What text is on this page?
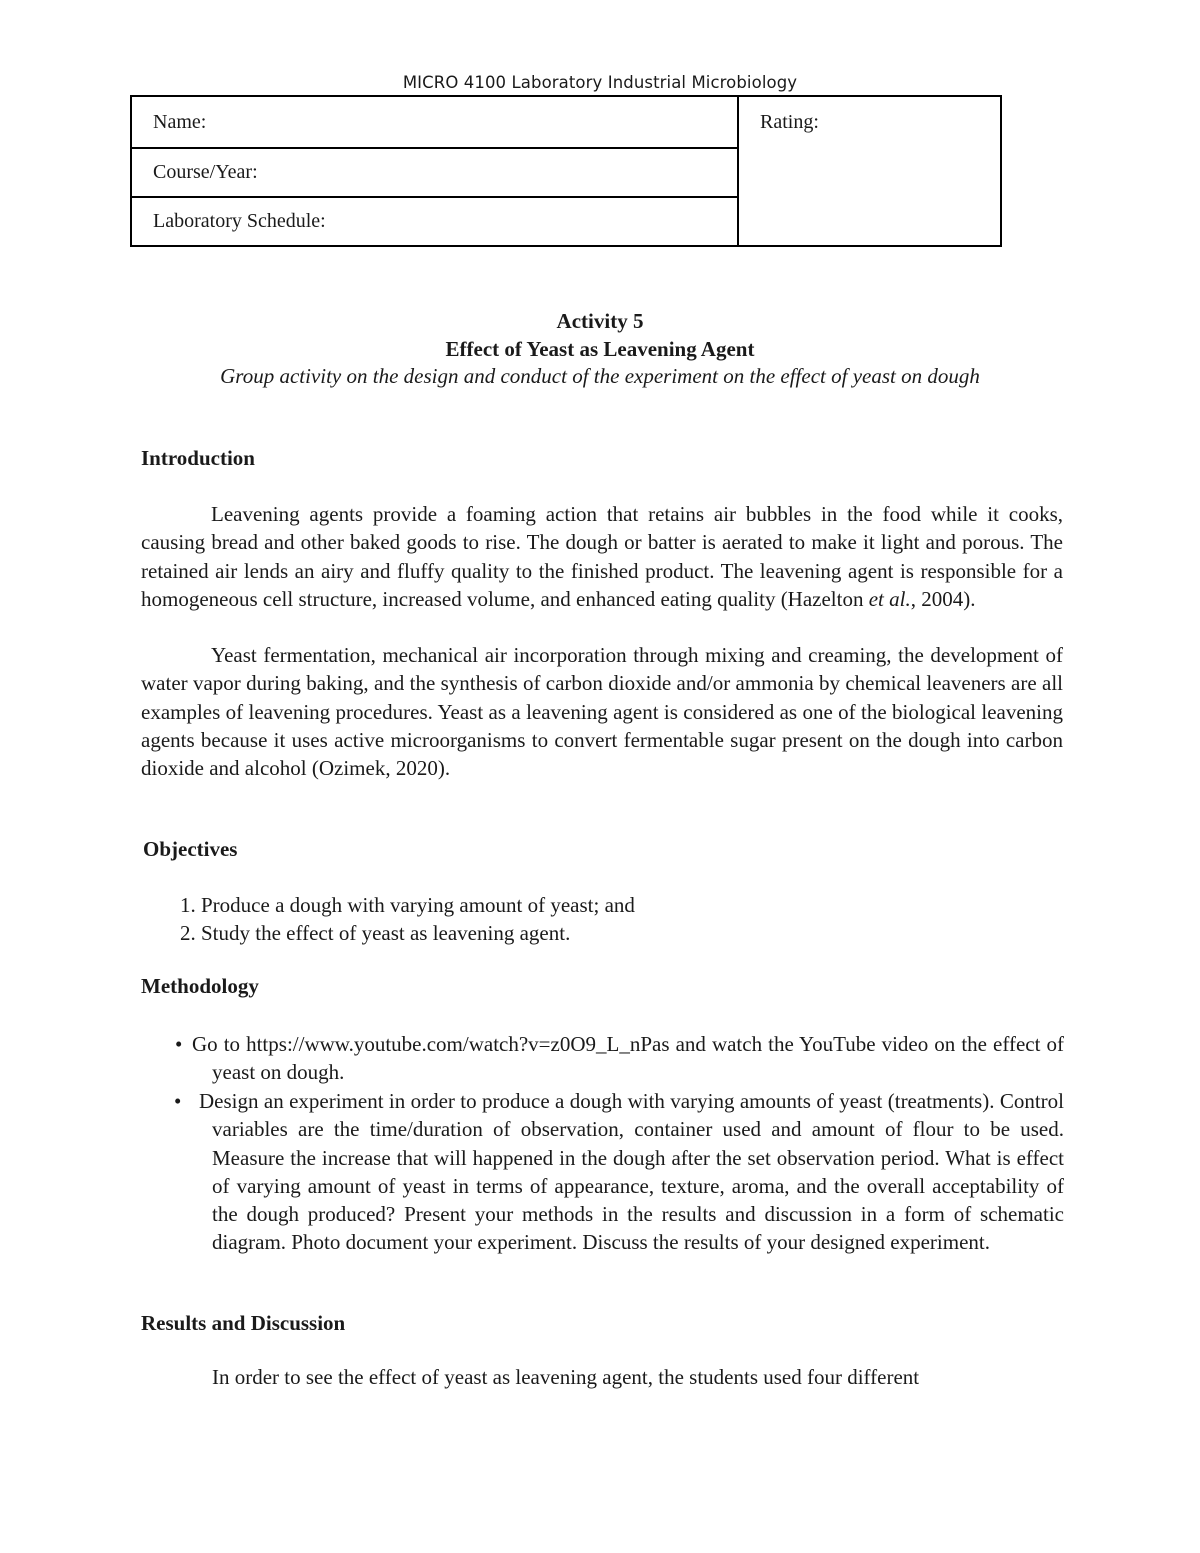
MICRO 4100 Laboratory Industrial Microbiology
Name:	Rating:
Course/Year:
Laboratory Schedule:
Activity 5
Effect of Yeast as Leavening Agent
Group activity on the design and conduct of the experiment on the effect of yeast on dough
Introduction

Leavening agents provide a foaming action that retains air bubbles in the food while it cooks, causing bread and other baked goods to rise. The dough or batter is aerated to make it light and porous. The retained air lends an airy and fluffy quality to the finished product. The leavening agent is responsible for a homogeneous cell structure, increased volume, and enhanced eating quality (Hazelton et al., 2004).

Yeast fermentation, mechanical air incorporation through mixing and creaming, the development of water vapor during baking, and the synthesis of carbon dioxide and/or ammonia by chemical leaveners are all examples of leavening procedures. Yeast as a leavening agent is considered as one of the biological leavening agents because it uses active microorganisms to convert fermentable sugar present on the dough into carbon dioxide and alcohol (Ozimek, 2020).

Objectives
1. Produce a dough with varying amount of yeast; and
2. Study the effect of yeast as leavening agent.
Methodology
• Go to https://www.youtube.com/watch?v=z0O9_L_nPas and watch the YouTube video on the effect of yeast on dough.
• Design an experiment in order to produce a dough with varying amounts of yeast (treatments). Control variables are the time/duration of observation, container used and amount of flour to be used. Measure the increase that will happened in the dough after the set observation period. What is effect of varying amount of yeast in terms of appearance, texture, aroma, and the overall acceptability of the dough produced? Present your methods in the results and discussion in a form of schematic diagram. Photo document your experiment. Discuss the results of your designed experiment.
Results and Discussion
In order to see the effect of yeast as leavening agent, the students used four different
